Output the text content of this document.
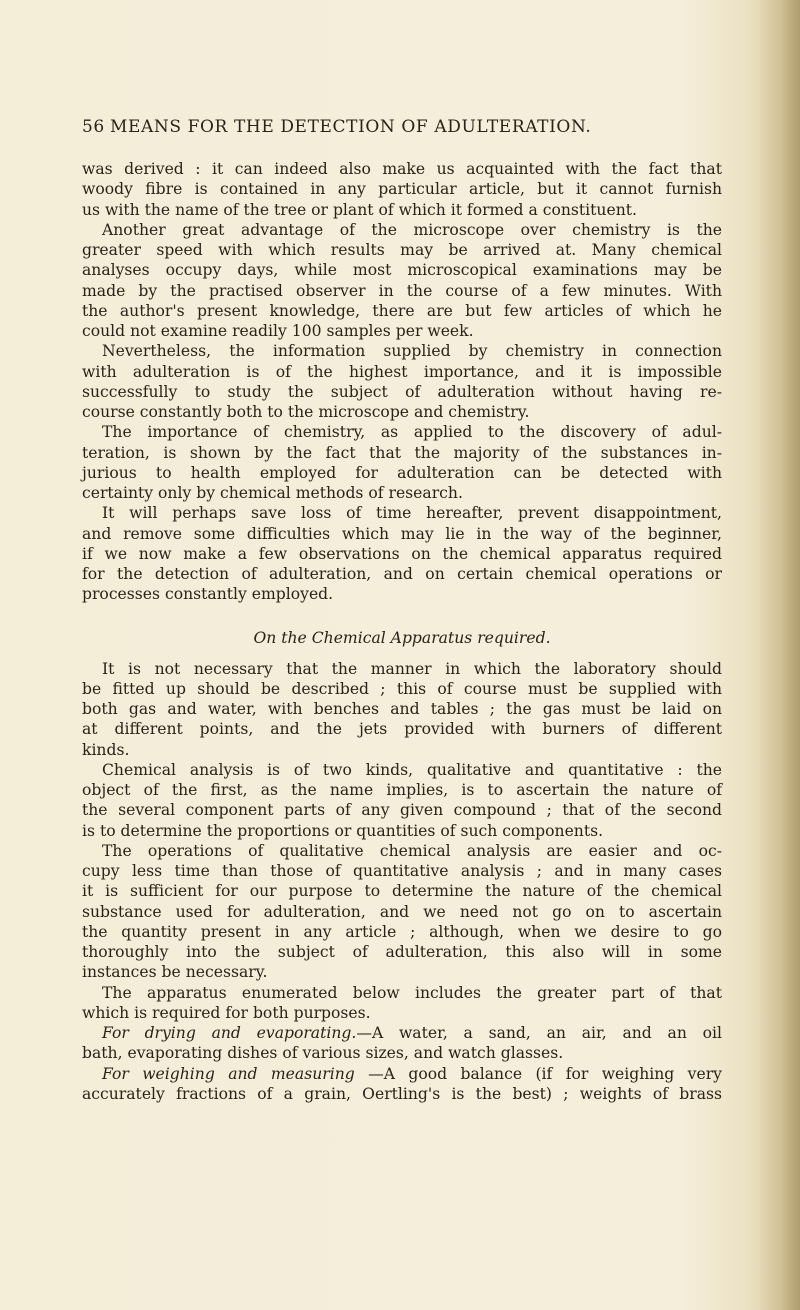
56 MEANS FOR THE DETECTION OF ADULTERATION.
was derived : it can indeed also make us acquainted with the fact that
woody fibre is contained in any particular article, but it cannot furnish
us with the name of the tree or plant of which it formed a constituent.
Another great advantage of the microscope over chemistry is the
greater speed with which results may be arrived at. Many chemical
analyses occupy days, while most microscopical examinations may be
made by the practised observer in the course of a few minutes. With
the author's present knowledge, there are but few articles of which he
could not examine readily 100 samples per week.
Nevertheless, the information supplied by chemistry in connection
with adulteration is of the highest importance, and it is impossible
successfully to study the subject of adulteration without having re-
course constantly both to the microscope and chemistry.
The importance of chemistry, as applied to the discovery of adul-
teration, is shown by the fact that the majority of the substances in-
jurious to health employed for adulteration can be detected with
certainty only by chemical methods of research.
It will perhaps save loss of time hereafter, prevent disappointment,
and remove some difficulties which may lie in the way of the beginner,
if we now make a few observations on the chemical apparatus required
for the detection of adulteration, and on certain chemical operations or
processes constantly employed.
On the Chemical Apparatus required.
It is not necessary that the manner in which the laboratory should
be fitted up should be described ; this of course must be supplied with
both gas and water, with benches and tables ; the gas must be laid on
at different points, and the jets provided with burners of different
kinds.
Chemical analysis is of two kinds, qualitative and quantitative : the
object of the first, as the name implies, is to ascertain the nature of
the several component parts of any given compound ; that of the second
is to determine the proportions or quantities of such components.
The operations of qualitative chemical analysis are easier and oc-
cupy less time than those of quantitative analysis ; and in many cases
it is sufficient for our purpose to determine the nature of the chemical
substance used for adulteration, and we need not go on to ascertain
the quantity present in any article ; although, when we desire to go
thoroughly into the subject of adulteration, this also will in some
instances be necessary.
The apparatus enumerated below includes the greater part of that
which is required for both purposes.
For drying and evaporating.—A water, a sand, an air, and an oil
bath, evaporating dishes of various sizes, and watch glasses.
For weighing and measuring —A good balance (if for weighing very
accurately fractions of a grain, Oertling's is the best) ; weights of brass
